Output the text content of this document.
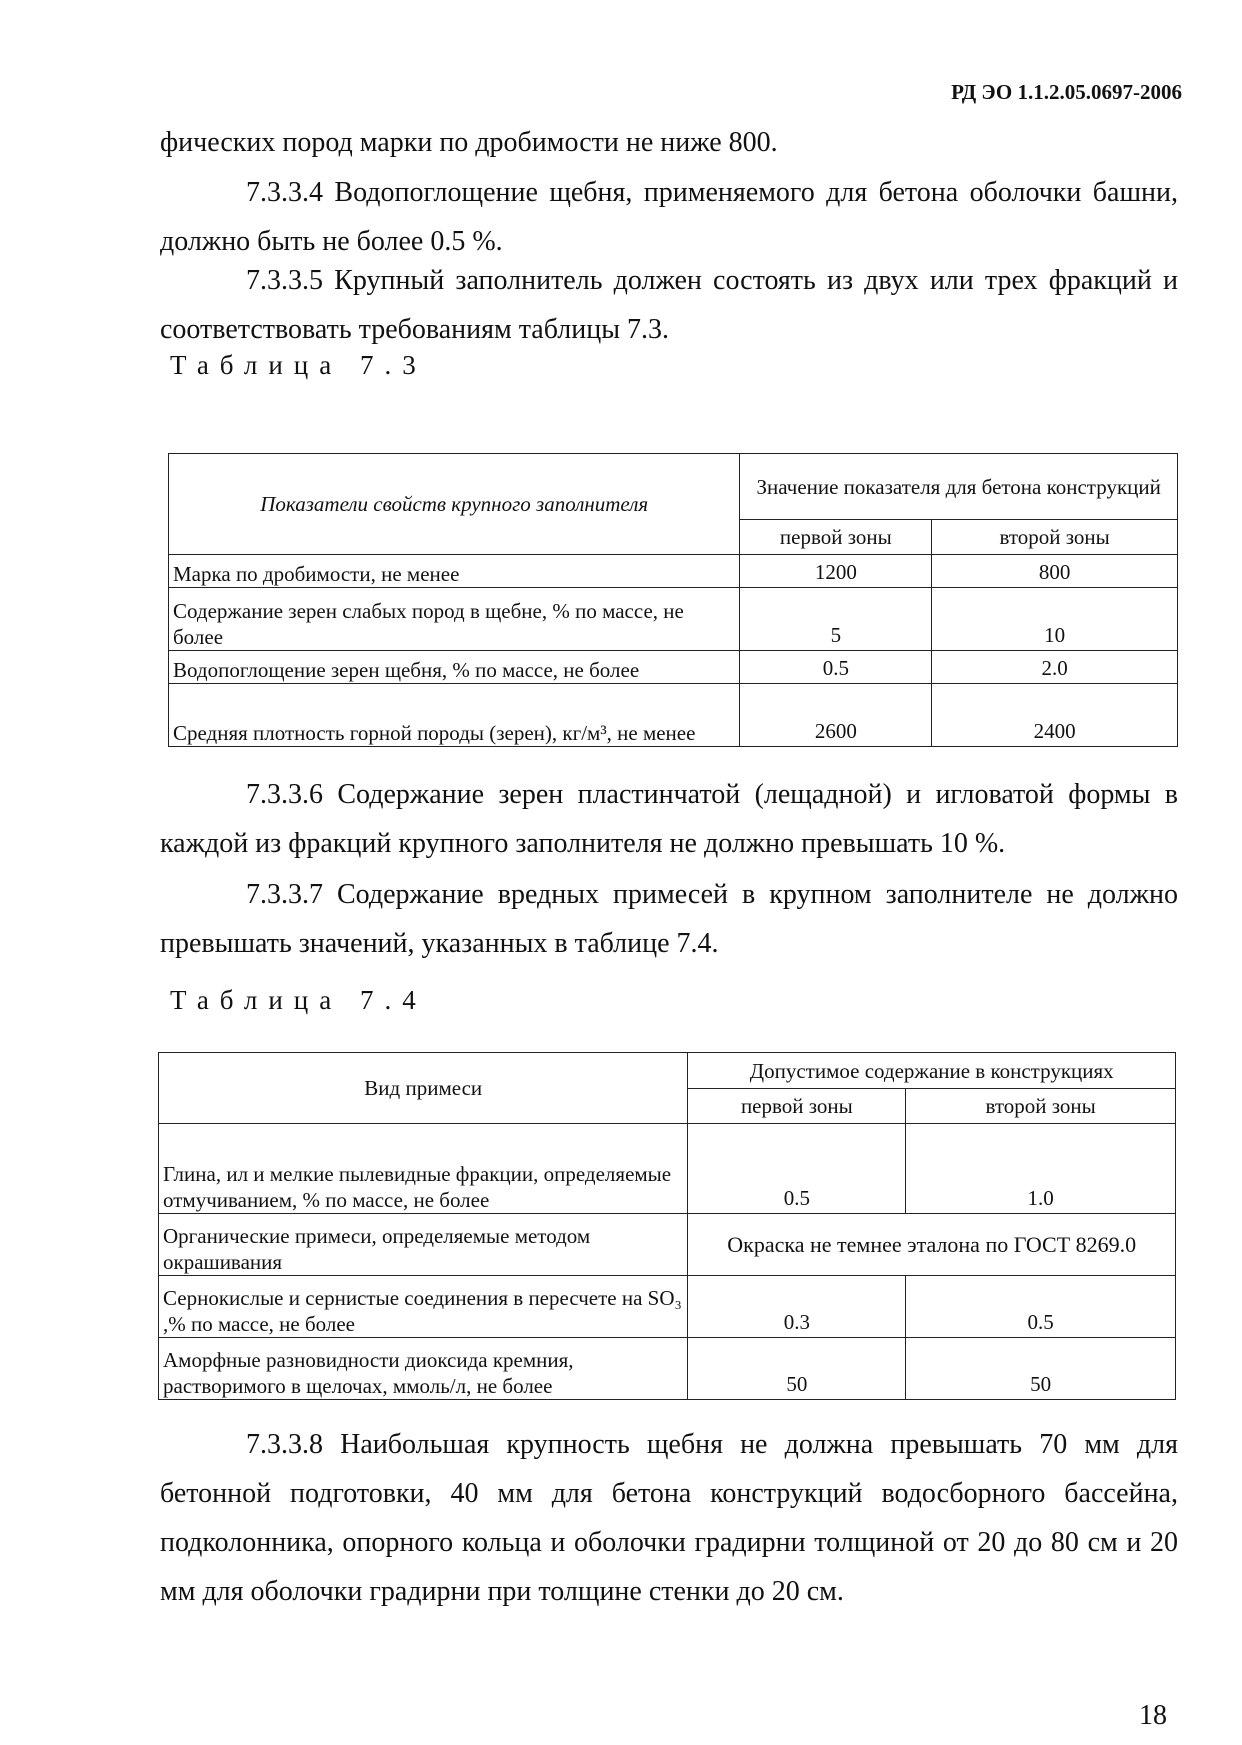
РД ЭО 1.1.2.05.0697-2006

фических пород марки по дробимости не ниже 800.

7.3.3.4 Водопоглощение щебня, применяемого для бетона оболочки башни, должно быть не более 0.5 %.

7.3.3.5 Крупный заполнитель должен состоять из двух или трех фракций и соответствовать требованиям таблицы 7.3.

Таблица 7.3
Показатели свойств крупного заполнителя	Значение показателя для бетона конструкций	
	первой зоны	второй зоны
Марка по дробимости, не менее	1200	800
Содержание зерен слабых пород в щебне, % по массе, не более	5	10
Водопоглощение зерен щебня, % по массе, не более	0.5	2.0
Средняя плотность горной породы (зерен), кг/м³, не менее	2600	2400

7.3.3.6 Содержание зерен пластинчатой (лещадной) и игловатой формы в каждой из фракций крупного заполнителя не должно превышать 10 %.

7.3.3.7 Содержание вредных примесей в крупном заполнителе не должно превышать значений, указанных в таблице 7.4.

Таблица 7.4
Вид примеси	Допустимое содержание в конструкциях	
	первой зоны	второй зоны
Глина, ил и мелкие пылевидные фракции, определяемые отмучиванием, % по массе, не более	0.5	1.0
Органические примеси, определяемые методом окрашивания	Окраска не темнее эталона по ГОСТ 8269.0	
Сернокислые и сернистые соединения в пересчете на SO₃ ,% по массе, не более	0.3	0.5
Аморфные разновидности диоксида кремния, растворимого в щелочах, ммоль/л, не более	50	50

7.3.3.8 Наибольшая крупность щебня не должна превышать 70 мм для бетонной подготовки, 40 мм для бетона конструкций водосборного бассейна, подколонника, опорного кольца и оболочки градирни толщиной от 20 до 80 см и 20 мм для оболочки градирни при толщине стенки до 20 см.

18
